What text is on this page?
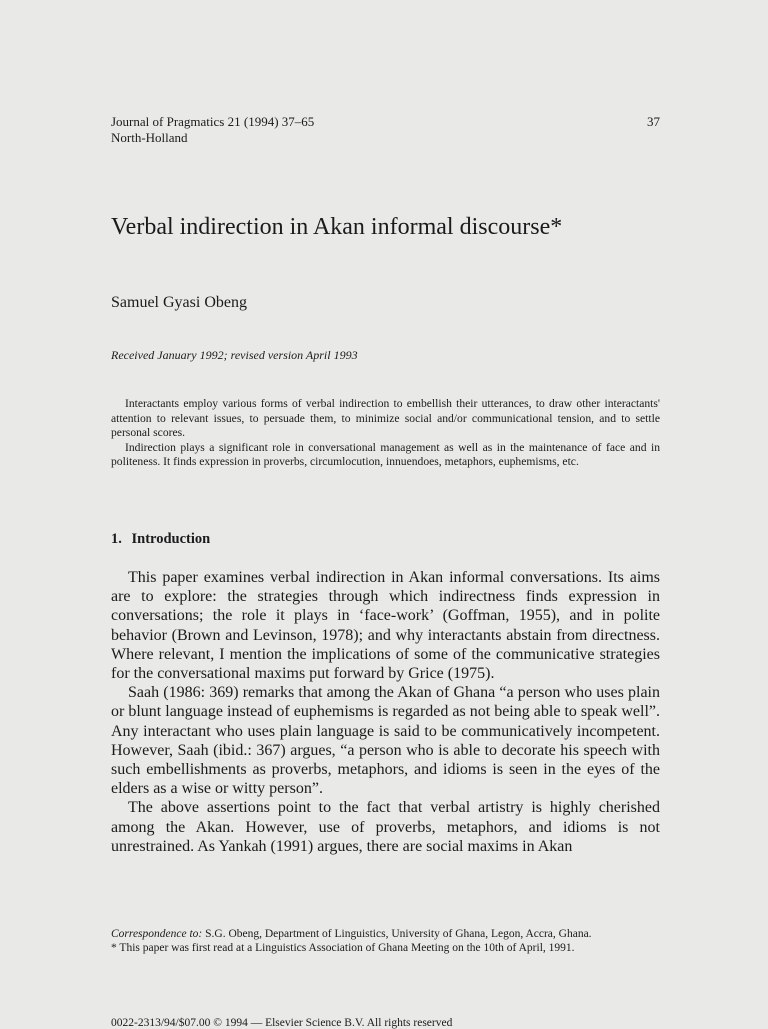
Journal of Pragmatics 21 (1994) 37–65
North-Holland
37
Verbal indirection in Akan informal discourse*
Samuel Gyasi Obeng
Received January 1992; revised version April 1993

Interactants employ various forms of verbal indirection to embellish their utterances, to draw other interactants' attention to relevant issues, to persuade them, to minimize social and/or communicational tension, and to settle personal scores.

Indirection plays a significant role in conversational management as well as in the maintenance of face and in politeness. It finds expression in proverbs, circumlocution, innuendoes, metaphors, euphemisms, etc.

1. Introduction

This paper examines verbal indirection in Akan informal conversations. Its aims are to explore: the strategies through which indirectness finds expression in conversations; the role it plays in ‘face-work’ (Goffman, 1955), and in polite behavior (Brown and Levinson, 1978); and why interactants abstain from directness. Where relevant, I mention the implications of some of the communicative strategies for the conversational maxims put forward by Grice (1975).

Saah (1986: 369) remarks that among the Akan of Ghana “a person who uses plain or blunt language instead of euphemisms is regarded as not being able to speak well”. Any interactant who uses plain language is said to be communicatively incompetent. However, Saah (ibid.: 367) argues, “a person who is able to decorate his speech with such embellishments as proverbs, metaphors, and idioms is seen in the eyes of the elders as a wise or witty person”.

The above assertions point to the fact that verbal artistry is highly cherished among the Akan. However, use of proverbs, metaphors, and idioms is not unrestrained. As Yankah (1991) argues, there are social maxims in Akan

Correspondence to: S.G. Obeng, Department of Linguistics, University of Ghana, Legon, Accra, Ghana.

* This paper was first read at a Linguistics Association of Ghana Meeting on the 10th of April, 1991.

0022-2313/94/$07.00 © 1994 — Elsevier Science B.V. All rights reserved
